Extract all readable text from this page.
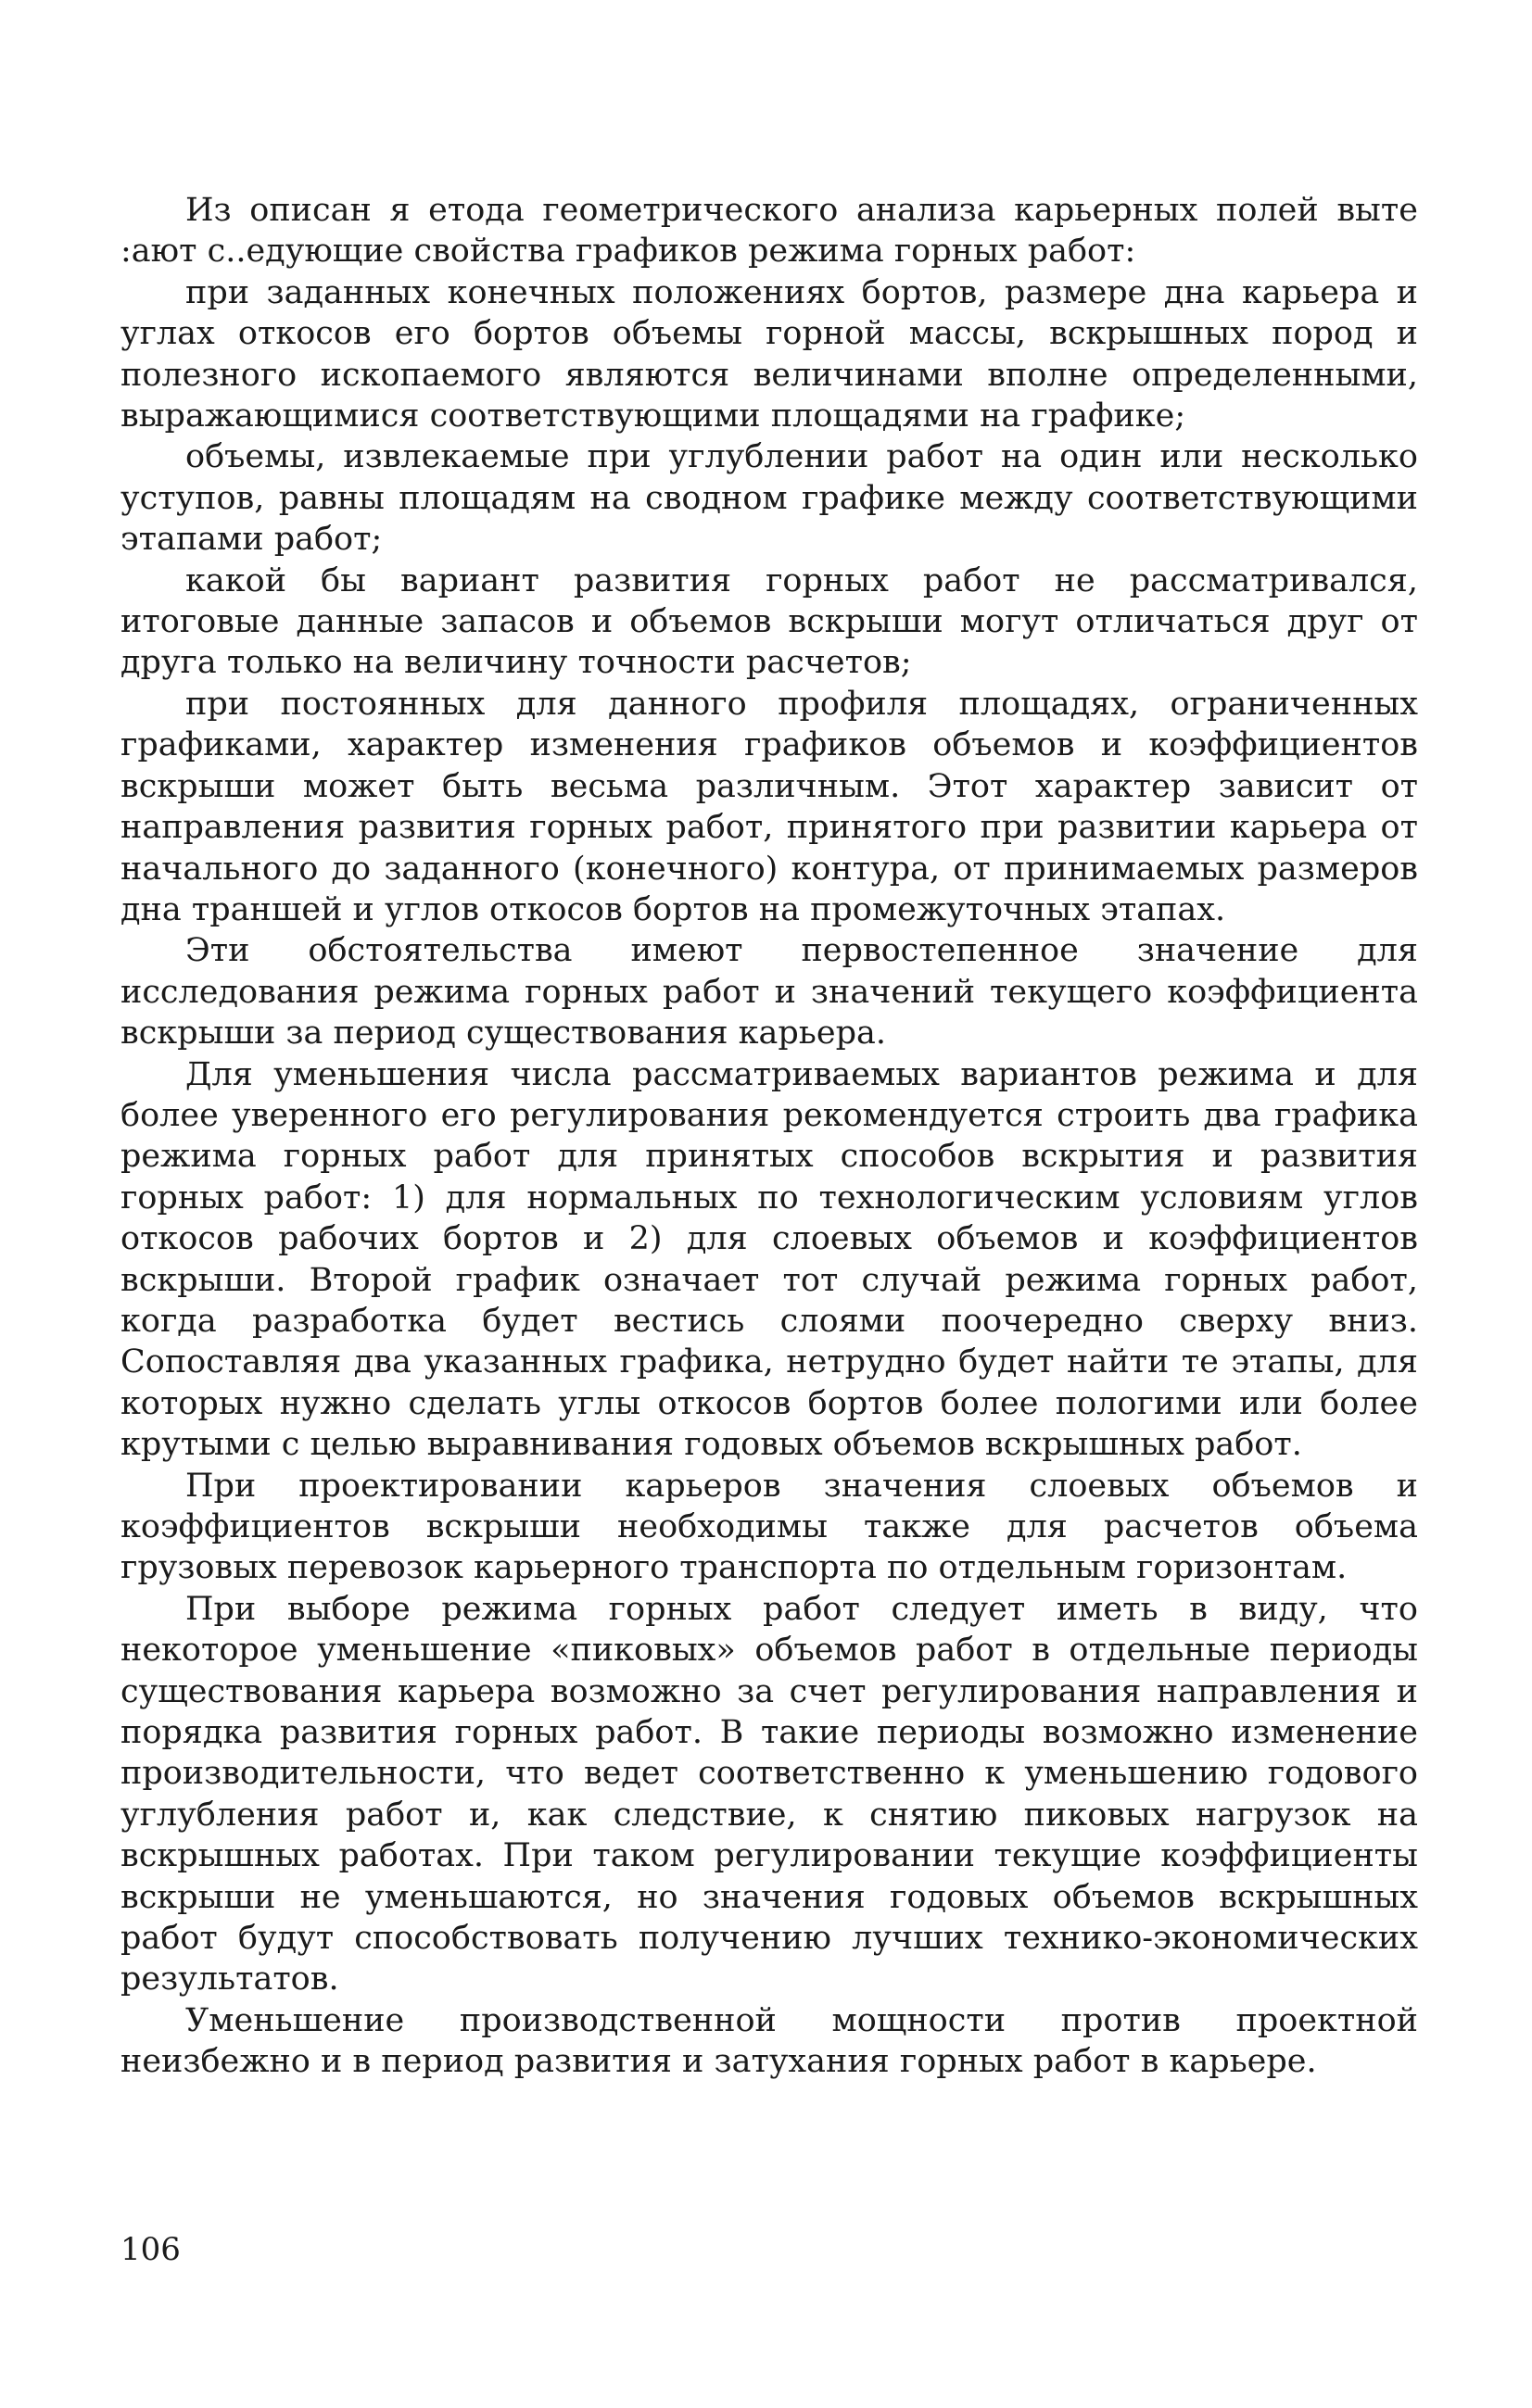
Из описан я етода геометрического анализа карьерных полей выте :ают с..едующие свойства графиков режима горных работ:

при заданных конечных положениях бортов, размере дна карьера и углах откосов его бортов объемы горной массы, вскрышных пород и полезного ископаемого являются величинами вполне определенными, выражающимися соответствующими площадями на графике;

объемы, извлекаемые при углублении работ на один или несколько уступов, равны площадям на сводном графике между соответствующими этапами работ;

какой бы вариант развития горных работ не рассматривался, итоговые данные запасов и объемов вскрыши могут отличаться друг от друга только на величину точности расчетов;

при постоянных для данного профиля площадях, ограниченных графиками, характер изменения графиков объемов и коэффициентов вскрыши может быть весьма различным. Этот характер зависит от направления развития горных работ, принятого при развитии карьера от начального до заданного (конечного) контура, от принимаемых размеров дна траншей и углов откосов бортов на промежуточных этапах.

Эти обстоятельства имеют первостепенное значение для исследования режима горных работ и значений текущего коэффициента вскрыши за период существования карьера.

Для уменьшения числа рассматриваемых вариантов режима и для более уверенного его регулирования рекомендуется строить два графика режима горных работ для принятых способов вскрытия и развития горных работ: 1) для нормальных по технологическим условиям углов откосов рабочих бортов и 2) для слоевых объемов и коэффициентов вскрыши. Второй график означает тот случай режима горных работ, когда разработка будет вестись слоями поочередно сверху вниз. Сопоставляя два указанных графика, нетрудно будет найти те этапы, для которых нужно сделать углы откосов бортов более пологими или более крутыми с целью выравнивания годовых объемов вскрышных работ.

При проектировании карьеров значения слоевых объемов и коэффициентов вскрыши необходимы также для расчетов объема грузовых перевозок карьерного транспорта по отдельным горизонтам.

При выборе режима горных работ следует иметь в виду, что некоторое уменьшение «пиковых» объемов работ в отдельные периоды существования карьера возможно за счет регулирования направления и порядка развития горных работ. В такие периоды возможно изменение производительности, что ведет соответственно к уменьшению годового углубления работ и, как следствие, к снятию пиковых нагрузок на вскрышных работах. При таком регулировании текущие коэффициенты вскрыши не уменьшаются, но значения годовых объемов вскрышных работ будут способствовать получению лучших технико-экономических результатов.

Уменьшение производственной мощности против проектной неизбежно и в период развития и затухания горных работ в карьере.

106
